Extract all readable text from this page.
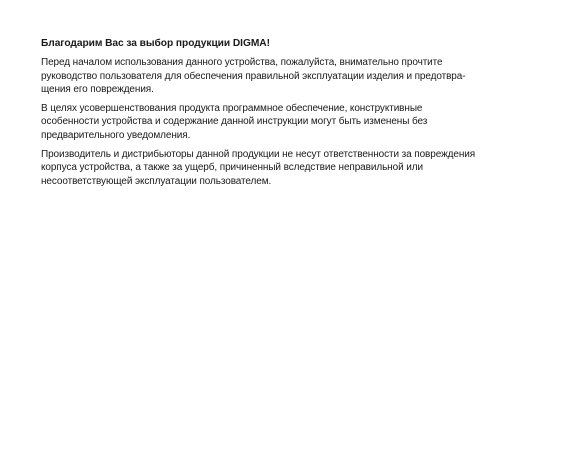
Благодарим Вас за выбор продукции DIGMA!

Перед началом использования данного устройства, пожалуйста, внимательно прочтите
руководство пользователя для обеспечения правильной эксплуатации изделия и предотвра-
щения его повреждения.

В целях усовершенствования продукта программное обеспечение, конструктивные
особенности устройства и содержание данной инструкции могут быть изменены без
предварительного уведомления.

Производитель и дистрибьюторы данной продукции не несут ответственности за повреждения
корпуса устройства, а также за ущерб, причиненный вследствие неправильной или
несоответствующей эксплуатации пользователем.
